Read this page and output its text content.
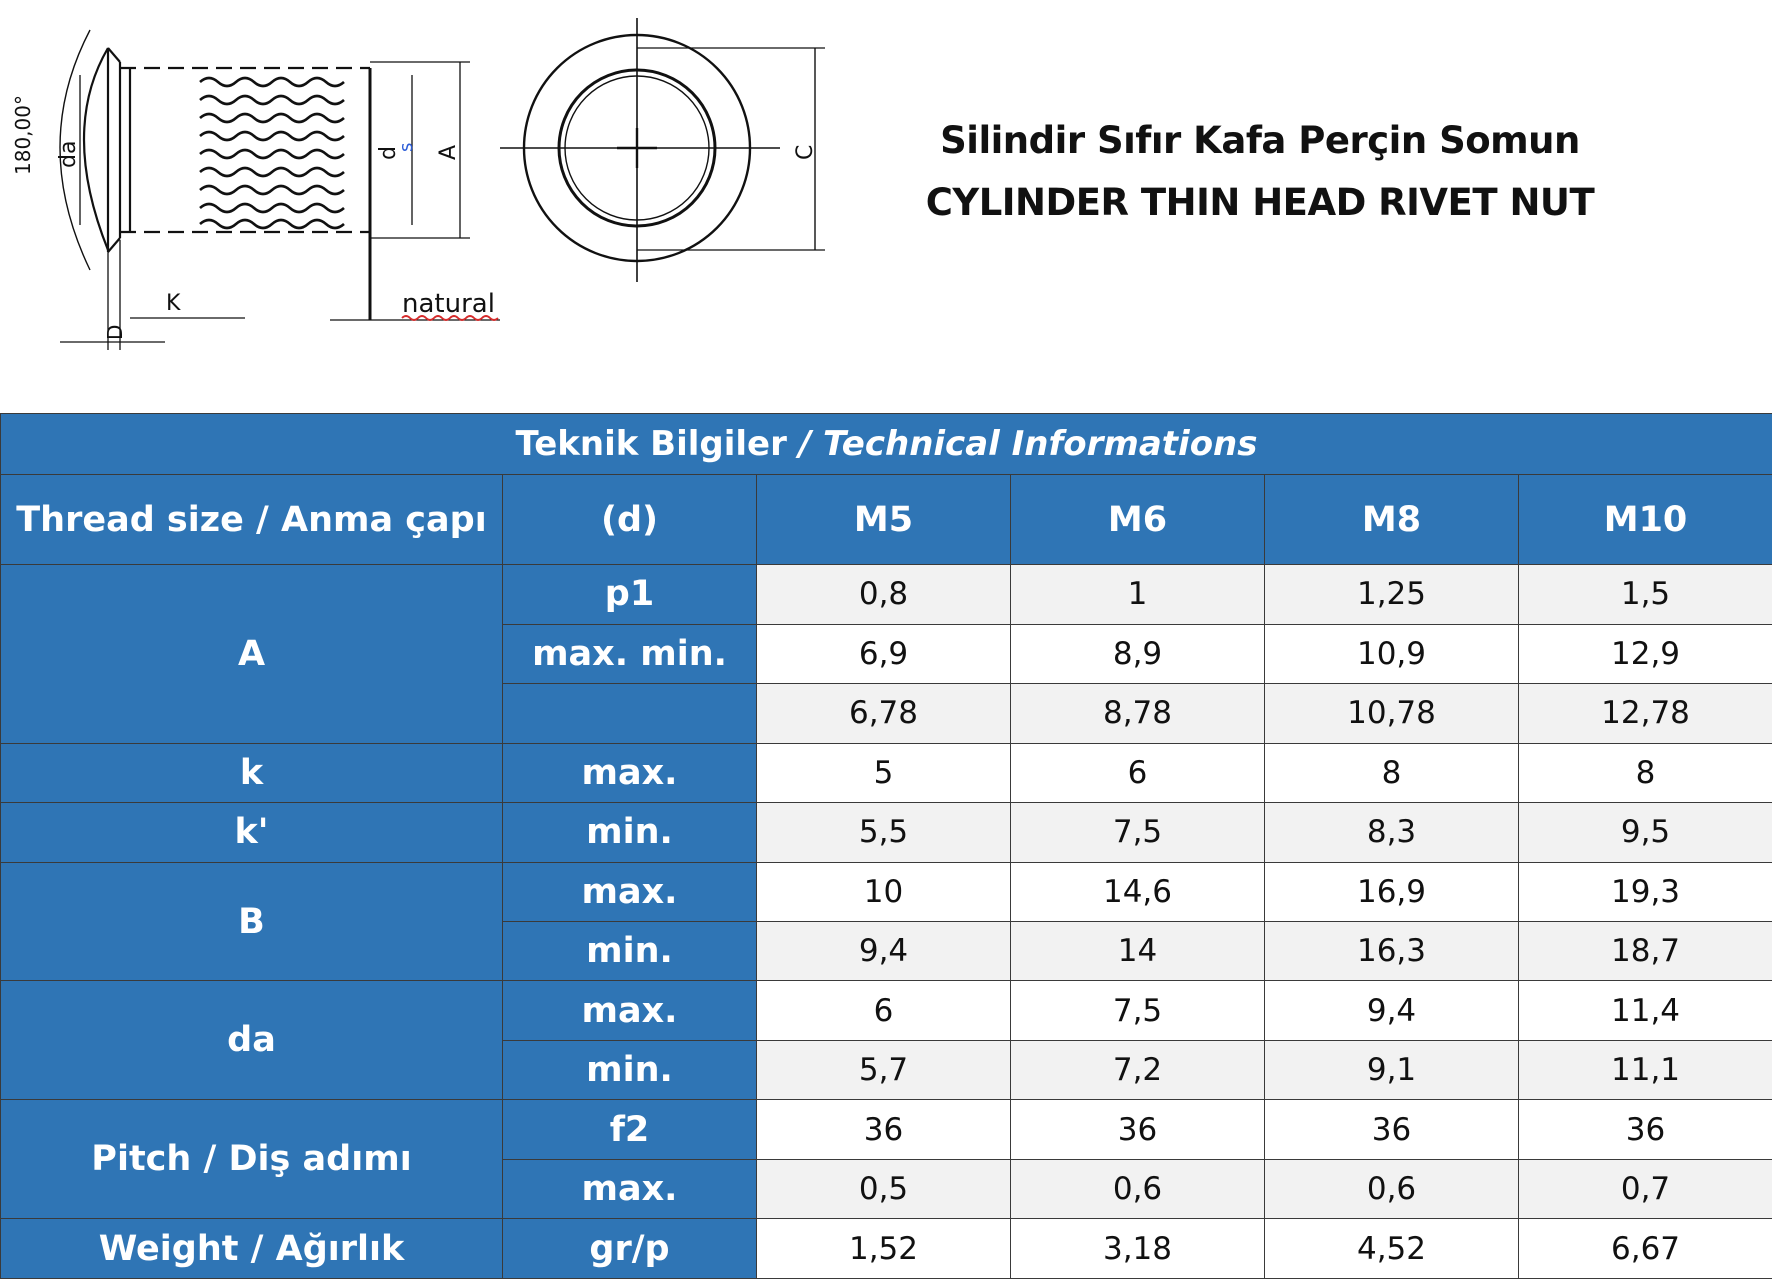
180,00° da	d
s A	C
K
D
natural
Silindir Sıfır Kafa Perçin Somun
CYLINDER THIN HEAD RIVET NUT
Teknik Bilgiler / Technical Informations					
Thread size / Anma çapı	(d)	M5	M6	M8	M10
A	p1	0,8	1	1,25	1,5
	max. min.	6,9	8,9	10,9	12,9
		6,78	8,78	10,78	12,78
k	max.	5	6	8	8
k'	min.	5,5	7,5	8,3	9,5
B	max.	10	14,6	16,9	19,3
	min.	9,4	14	16,3	18,7
da	max.	6	7,5	9,4	11,4
	min.	5,7	7,2	9,1	11,1
Pitch / Diş adımı	f2	36	36	36	36
	max.	0,5	0,6	0,6	0,7
Weight / Ağırlık	gr/p	1,52	3,18	4,52	6,67
